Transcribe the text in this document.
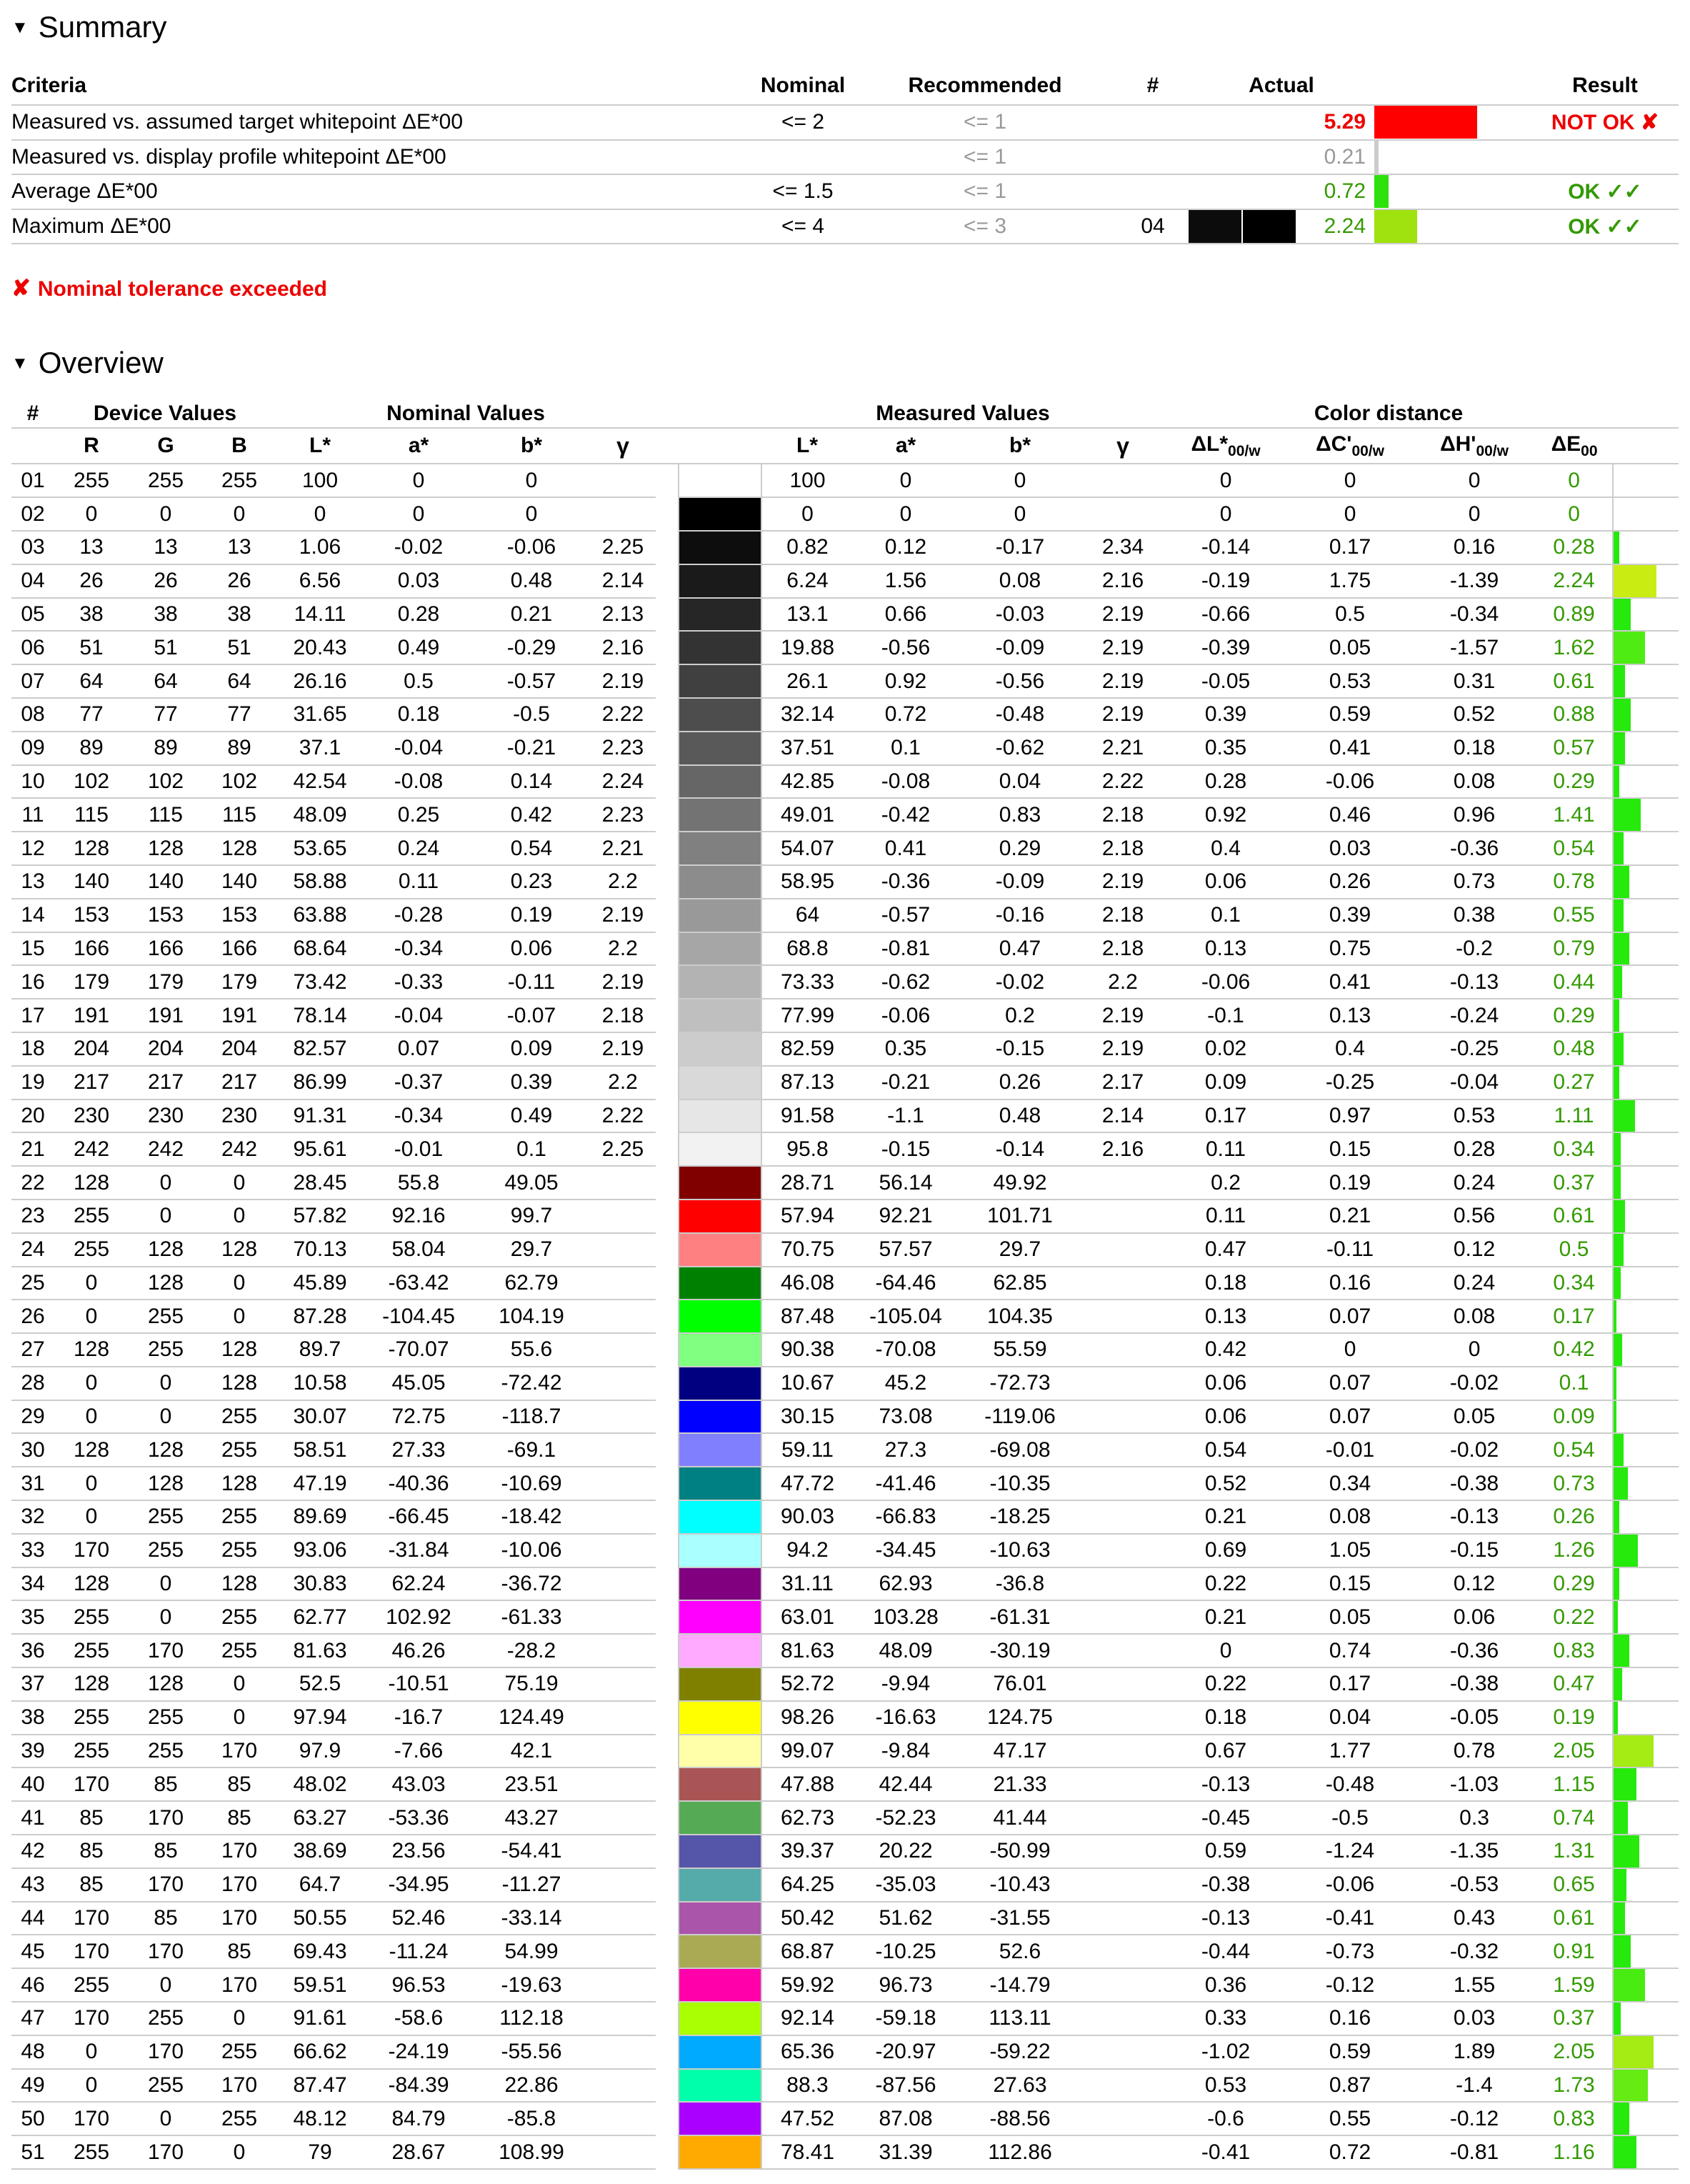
▼ Summary
Criteria	Nominal	Recommended		#	Actual			Result
Measured vs. assumed target whitepoint ΔE*00	<= 2	<= 1				5.29		NOT OK ✘
Measured vs. display profile whitepoint ΔE*00		<= 1				0.21	

Average ΔE*00	<= 1.5	<= 1				0.72		OK ✓✓
Maximum ΔE*00	<= 4	<= 3		04		2.24		OK ✓✓
✘ Nominal tolerance exceeded
▼ Overview
#	Device Values			Nominal Values						Measured Values				Color distance				
	R	G	B	L*	a*	b*	γ			L*	a*	b*	γ	$\Delta L*_{00/w}$	$\Delta C'_{00/w}$	$\Delta H'_{00/w}$	$\Delta E_{00}$	
01	255	255	255	100	0	0				100	0	0		0	0	0	0	
02	0	0	0	0	0	0				0	0	0		0	0	0	0	
03	13	13	13	1.06	-0.02	-0.06	2.25			0.82	0.12	-0.17	2.34	-0.14	0.17	0.16	0.28	

04	26	26	26	6.56	0.03	0.48	2.14			6.24	1.56	0.08	2.16	-0.19	1.75	-1.39	2.24	

05	38	38	38	14.11	0.28	0.21	2.13			13.1	0.66	-0.03	2.19	-0.66	0.5	-0.34	0.89	

06	51	51	51	20.43	0.49	-0.29	2.16			19.88	-0.56	-0.09	2.19	-0.39	0.05	-1.57	1.62	

07	64	64	64	26.16	0.5	-0.57	2.19			26.1	0.92	-0.56	2.19	-0.05	0.53	0.31	0.61	

08	77	77	77	31.65	0.18	-0.5	2.22			32.14	0.72	-0.48	2.19	0.39	0.59	0.52	0.88	

09	89	89	89	37.1	-0.04	-0.21	2.23			37.51	0.1	-0.62	2.21	0.35	0.41	0.18	0.57	

10	102	102	102	42.54	-0.08	0.14	2.24			42.85	-0.08	0.04	2.22	0.28	-0.06	0.08	0.29	

11	115	115	115	48.09	0.25	0.42	2.23			49.01	-0.42	0.83	2.18	0.92	0.46	0.96	1.41	

12	128	128	128	53.65	0.24	0.54	2.21			54.07	0.41	0.29	2.18	0.4	0.03	-0.36	0.54	

13	140	140	140	58.88	0.11	0.23	2.2			58.95	-0.36	-0.09	2.19	0.06	0.26	0.73	0.78	

14	153	153	153	63.88	-0.28	0.19	2.19			64	-0.57	-0.16	2.18	0.1	0.39	0.38	0.55	

15	166	166	166	68.64	-0.34	0.06	2.2			68.8	-0.81	0.47	2.18	0.13	0.75	-0.2	0.79	

16	179	179	179	73.42	-0.33	-0.11	2.19			73.33	-0.62	-0.02	2.2	-0.06	0.41	-0.13	0.44	

17	191	191	191	78.14	-0.04	-0.07	2.18			77.99	-0.06	0.2	2.19	-0.1	0.13	-0.24	0.29	

18	204	204	204	82.57	0.07	0.09	2.19			82.59	0.35	-0.15	2.19	0.02	0.4	-0.25	0.48	

19	217	217	217	86.99	-0.37	0.39	2.2			87.13	-0.21	0.26	2.17	0.09	-0.25	-0.04	0.27	

20	230	230	230	91.31	-0.34	0.49	2.22			91.58	-1.1	0.48	2.14	0.17	0.97	0.53	1.11	

21	242	242	242	95.61	-0.01	0.1	2.25			95.8	-0.15	-0.14	2.16	0.11	0.15	0.28	0.34	

22	128	0	0	28.45	55.8	49.05				28.71	56.14	49.92		0.2	0.19	0.24	0.37	

23	255	0	0	57.82	92.16	99.7				57.94	92.21	101.71		0.11	0.21	0.56	0.61	

24	255	128	128	70.13	58.04	29.7				70.75	57.57	29.7		0.47	-0.11	0.12	0.5	

25	0	128	0	45.89	-63.42	62.79				46.08	-64.46	62.85		0.18	0.16	0.24	0.34	

26	0	255	0	87.28	-104.45	104.19				87.48	-105.04	104.35		0.13	0.07	0.08	0.17	

27	128	255	128	89.7	-70.07	55.6				90.38	-70.08	55.59		0.42	0	0	0.42	

28	0	0	128	10.58	45.05	-72.42				10.67	45.2	-72.73		0.06	0.07	-0.02	0.1	

29	0	0	255	30.07	72.75	-118.7				30.15	73.08	-119.06		0.06	0.07	0.05	0.09	

30	128	128	255	58.51	27.33	-69.1				59.11	27.3	-69.08		0.54	-0.01	-0.02	0.54	

31	0	128	128	47.19	-40.36	-10.69				47.72	-41.46	-10.35		0.52	0.34	-0.38	0.73	

32	0	255	255	89.69	-66.45	-18.42				90.03	-66.83	-18.25		0.21	0.08	-0.13	0.26	

33	170	255	255	93.06	-31.84	-10.06				94.2	-34.45	-10.63		0.69	1.05	-0.15	1.26	

34	128	0	128	30.83	62.24	-36.72				31.11	62.93	-36.8		0.22	0.15	0.12	0.29	

35	255	0	255	62.77	102.92	-61.33				63.01	103.28	-61.31		0.21	0.05	0.06	0.22	

36	255	170	255	81.63	46.26	-28.2				81.63	48.09	-30.19		0	0.74	-0.36	0.83	

37	128	128	0	52.5	-10.51	75.19				52.72	-9.94	76.01		0.22	0.17	-0.38	0.47	

38	255	255	0	97.94	-16.7	124.49				98.26	-16.63	124.75		0.18	0.04	-0.05	0.19	

39	255	255	170	97.9	-7.66	42.1				99.07	-9.84	47.17		0.67	1.77	0.78	2.05	

40	170	85	85	48.02	43.03	23.51				47.88	42.44	21.33		-0.13	-0.48	-1.03	1.15	

41	85	170	85	63.27	-53.36	43.27				62.73	-52.23	41.44		-0.45	-0.5	0.3	0.74	

42	85	85	170	38.69	23.56	-54.41				39.37	20.22	-50.99		0.59	-1.24	-1.35	1.31	

43	85	170	170	64.7	-34.95	-11.27				64.25	-35.03	-10.43		-0.38	-0.06	-0.53	0.65	

44	170	85	170	50.55	52.46	-33.14				50.42	51.62	-31.55		-0.13	-0.41	0.43	0.61	

45	170	170	85	69.43	-11.24	54.99				68.87	-10.25	52.6		-0.44	-0.73	-0.32	0.91	

46	255	0	170	59.51	96.53	-19.63				59.92	96.73	-14.79		0.36	-0.12	1.55	1.59	

47	170	255	0	91.61	-58.6	112.18				92.14	-59.18	113.11		0.33	0.16	0.03	0.37	

48	0	170	255	66.62	-24.19	-55.56				65.36	-20.97	-59.22		-1.02	0.59	1.89	2.05	

49	0	255	170	87.47	-84.39	22.86				88.3	-87.56	27.63		0.53	0.87	-1.4	1.73	

50	170	0	255	48.12	84.79	-85.8				47.52	87.08	-88.56		-0.6	0.55	-0.12	0.83	

51	255	170	0	79	28.67	108.99				78.41	31.39	112.86		-0.41	0.72	-0.81	1.16	
